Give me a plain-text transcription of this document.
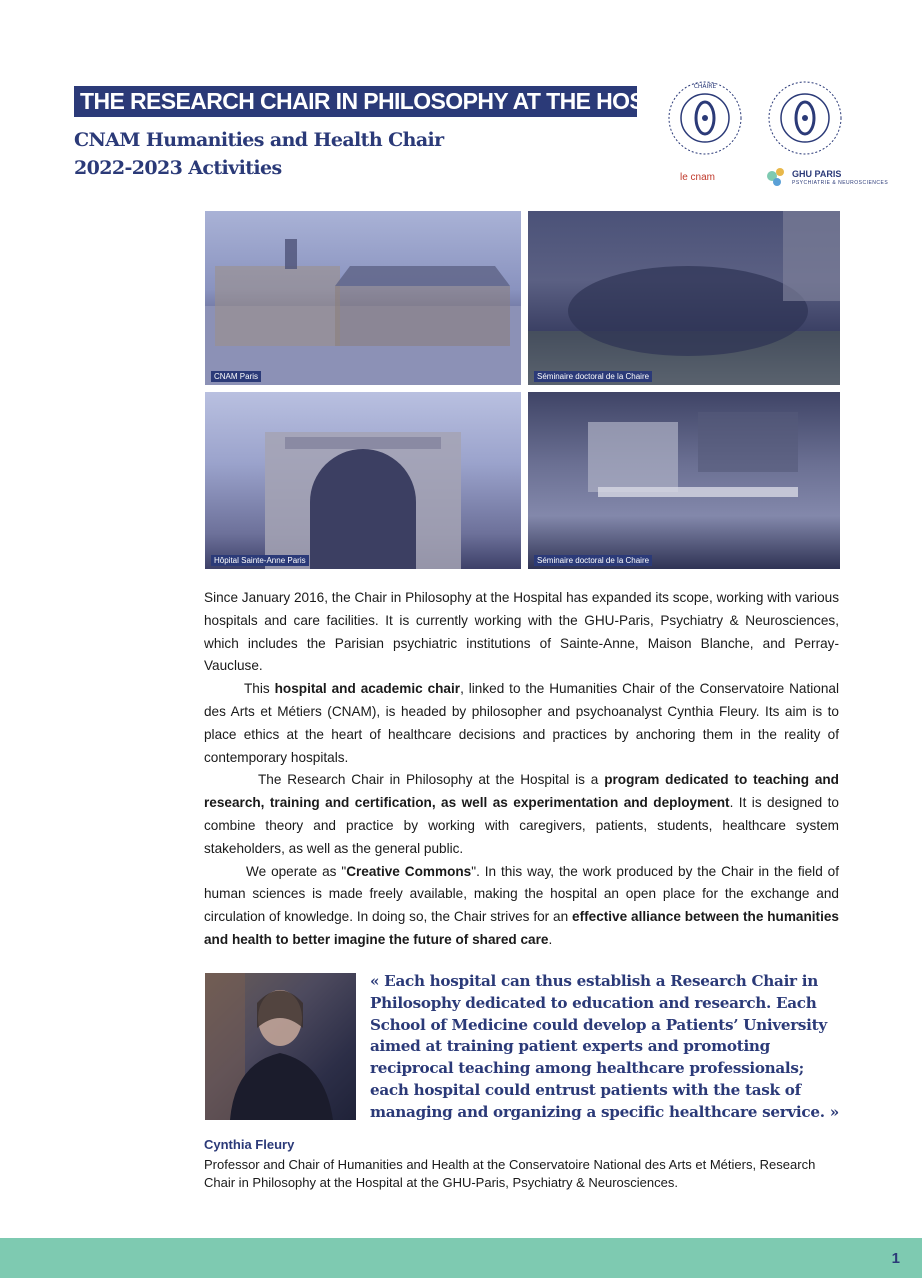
THE RESEARCH CHAIR IN PHILOSOPHY AT THE HOSPITAL
CNAM Humanities and Health Chair
2022-2023 Activities
CHAIRE
le cnam	GHU PARIS
PSYCHIATRIE & NEUROSCIENCES
CNAM Paris	Séminaire doctoral de la Chaire
Hôpital Sainte-Anne Paris	Séminaire doctoral de la Chaire

Since January 2016, the Chair in Philosophy at the Hospital has expanded its scope, working with various hospitals and care facilities. It is currently working with the GHU-Paris, Psychiatry & Neurosciences, which includes the Parisian psychiatric institutions of Sainte-Anne, Maison Blanche, and Perray-Vaucluse.

This hospital and academic chair, linked to the Humanities Chair of the Conservatoire National des Arts et Métiers (CNAM), is headed by philosopher and psychoanalyst Cynthia Fleury. Its aim is to place ethics at the heart of healthcare decisions and practices by anchoring them in the reality of contemporary hospitals.

The Research Chair in Philosophy at the Hospital is a program dedicated to teaching and research, training and certification, as well as experimentation and deployment. It is designed to combine theory and practice by working with caregivers, patients, students, healthcare system stakeholders, as well as the general public.

We operate as "Creative Commons". In this way, the work produced by the Chair in the field of human sciences is made freely available, making the hospital an open place for the exchange and circulation of knowledge. In doing so, the Chair strives for an effective alliance between the humanities and health to better imagine the future of shared care.

« Each hospital can thus establish a Research Chair in Philosophy dedicated to education and research. Each School of Medicine could develop a Patients’ University aimed at training patient experts and promoting reciprocal teaching among healthcare professionals; each hospital could entrust patients with the task of managing and organizing a specific healthcare service. »
Cynthia Fleury
Professor and Chair of Humanities and Health at the Conservatoire National des Arts et Métiers, Research Chair in Philosophy at the Hospital at the GHU-Paris, Psychiatry & Neurosciences.
1
